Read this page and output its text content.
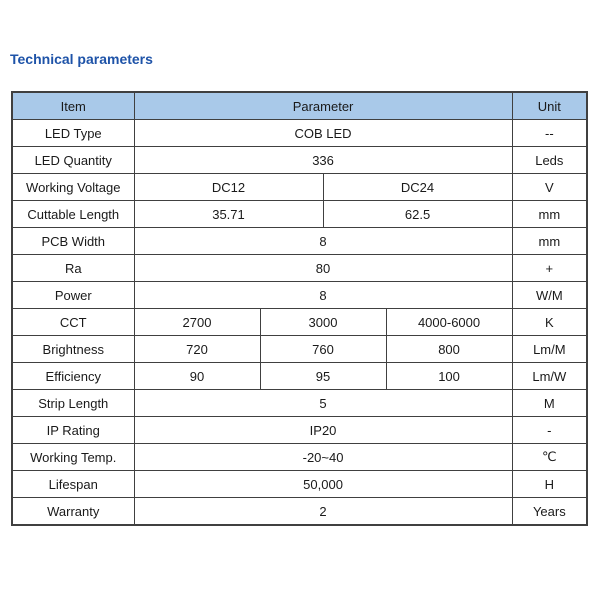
Technical parameters
Item	Parameter				Unit
LED Type	COB LED				--
LED Quantity	336				Leds
Working Voltage	DC12		DC24		V
Cuttable Length	35.71		62.5		mm
PCB Width	8				mm
Ra	80				+
Power	8				W/M
CCT	2700	3000		4000-6000	K
Brightness	720	760		800	Lm/M
Efficiency	90	95		100	Lm/W
Strip Length	5				M
IP Rating	IP20				-
Working Temp.	-20~40				℃
Lifespan	50,000				H
Warranty	2				Years
